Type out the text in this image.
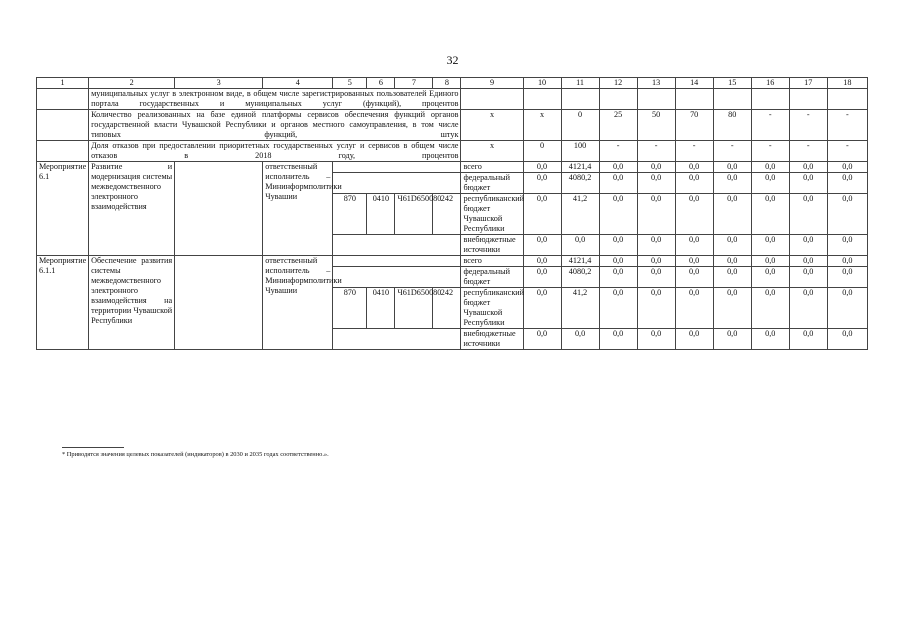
32
1	2	3	4	5	6	7	8	9	10	11	12	13	14	15	16	17	18
	муниципальных услуг в электронном виде, в общем числе зарегистрированных пользователей Единого портала государственных и муниципальных услуг (функций), процентов																
	Количество реализованных на базе единой платформы сервисов обеспечения функций органов государственной власти Чувашской Республики и органов местного самоуправления, в том числе типовых функций, штук							x	x	0	25	50	70	80	-	-	-
	Доля отказов при предоставлении приоритетных государственных услуг и сервисов в общем числе отказов в 2018 году, процентов							x	0	100	-	-	-	-	-	-	-
Мероприятие 6.1	Развитие и модернизация системы межведомственного электронного взаимодействия		ответственный исполнитель – Мининформполитики Чувашии					всего	0,0	4121,4	0,0	0,0	0,0	0,0	0,0	0,0	0,0
								федеральный бюджет	0,0	4080,2	0,0	0,0	0,0	0,0	0,0	0,0	0,0
				870	0410	Ч61D650080	242	республиканский бюджет Чувашской Республики	0,0	41,2	0,0	0,0	0,0	0,0	0,0	0,0	0,0
								внебюджетные источники	0,0	0,0	0,0	0,0	0,0	0,0	0,0	0,0	0,0
Мероприятие 6.1.1	Обеспечение развития системы межведомственного электронного взаимодействия на территории Чувашской Республики		ответственный исполнитель – Мининформполитики Чувашии					всего	0,0	4121,4	0,0	0,0	0,0	0,0	0,0	0,0	0,0
								федеральный бюджет	0,0	4080,2	0,0	0,0	0,0	0,0	0,0	0,0	0,0
				870	0410	Ч61D650080	242	республиканский бюджет Чувашской Республики	0,0	41,2	0,0	0,0	0,0	0,0	0,0	0,0	0,0
								внебюджетные источники	0,0	0,0	0,0	0,0	0,0	0,0	0,0	0,0	0,0
* Приводятся значения целевых показателей (индикаторов) в 2030 и 2035 годах соответственно.».
